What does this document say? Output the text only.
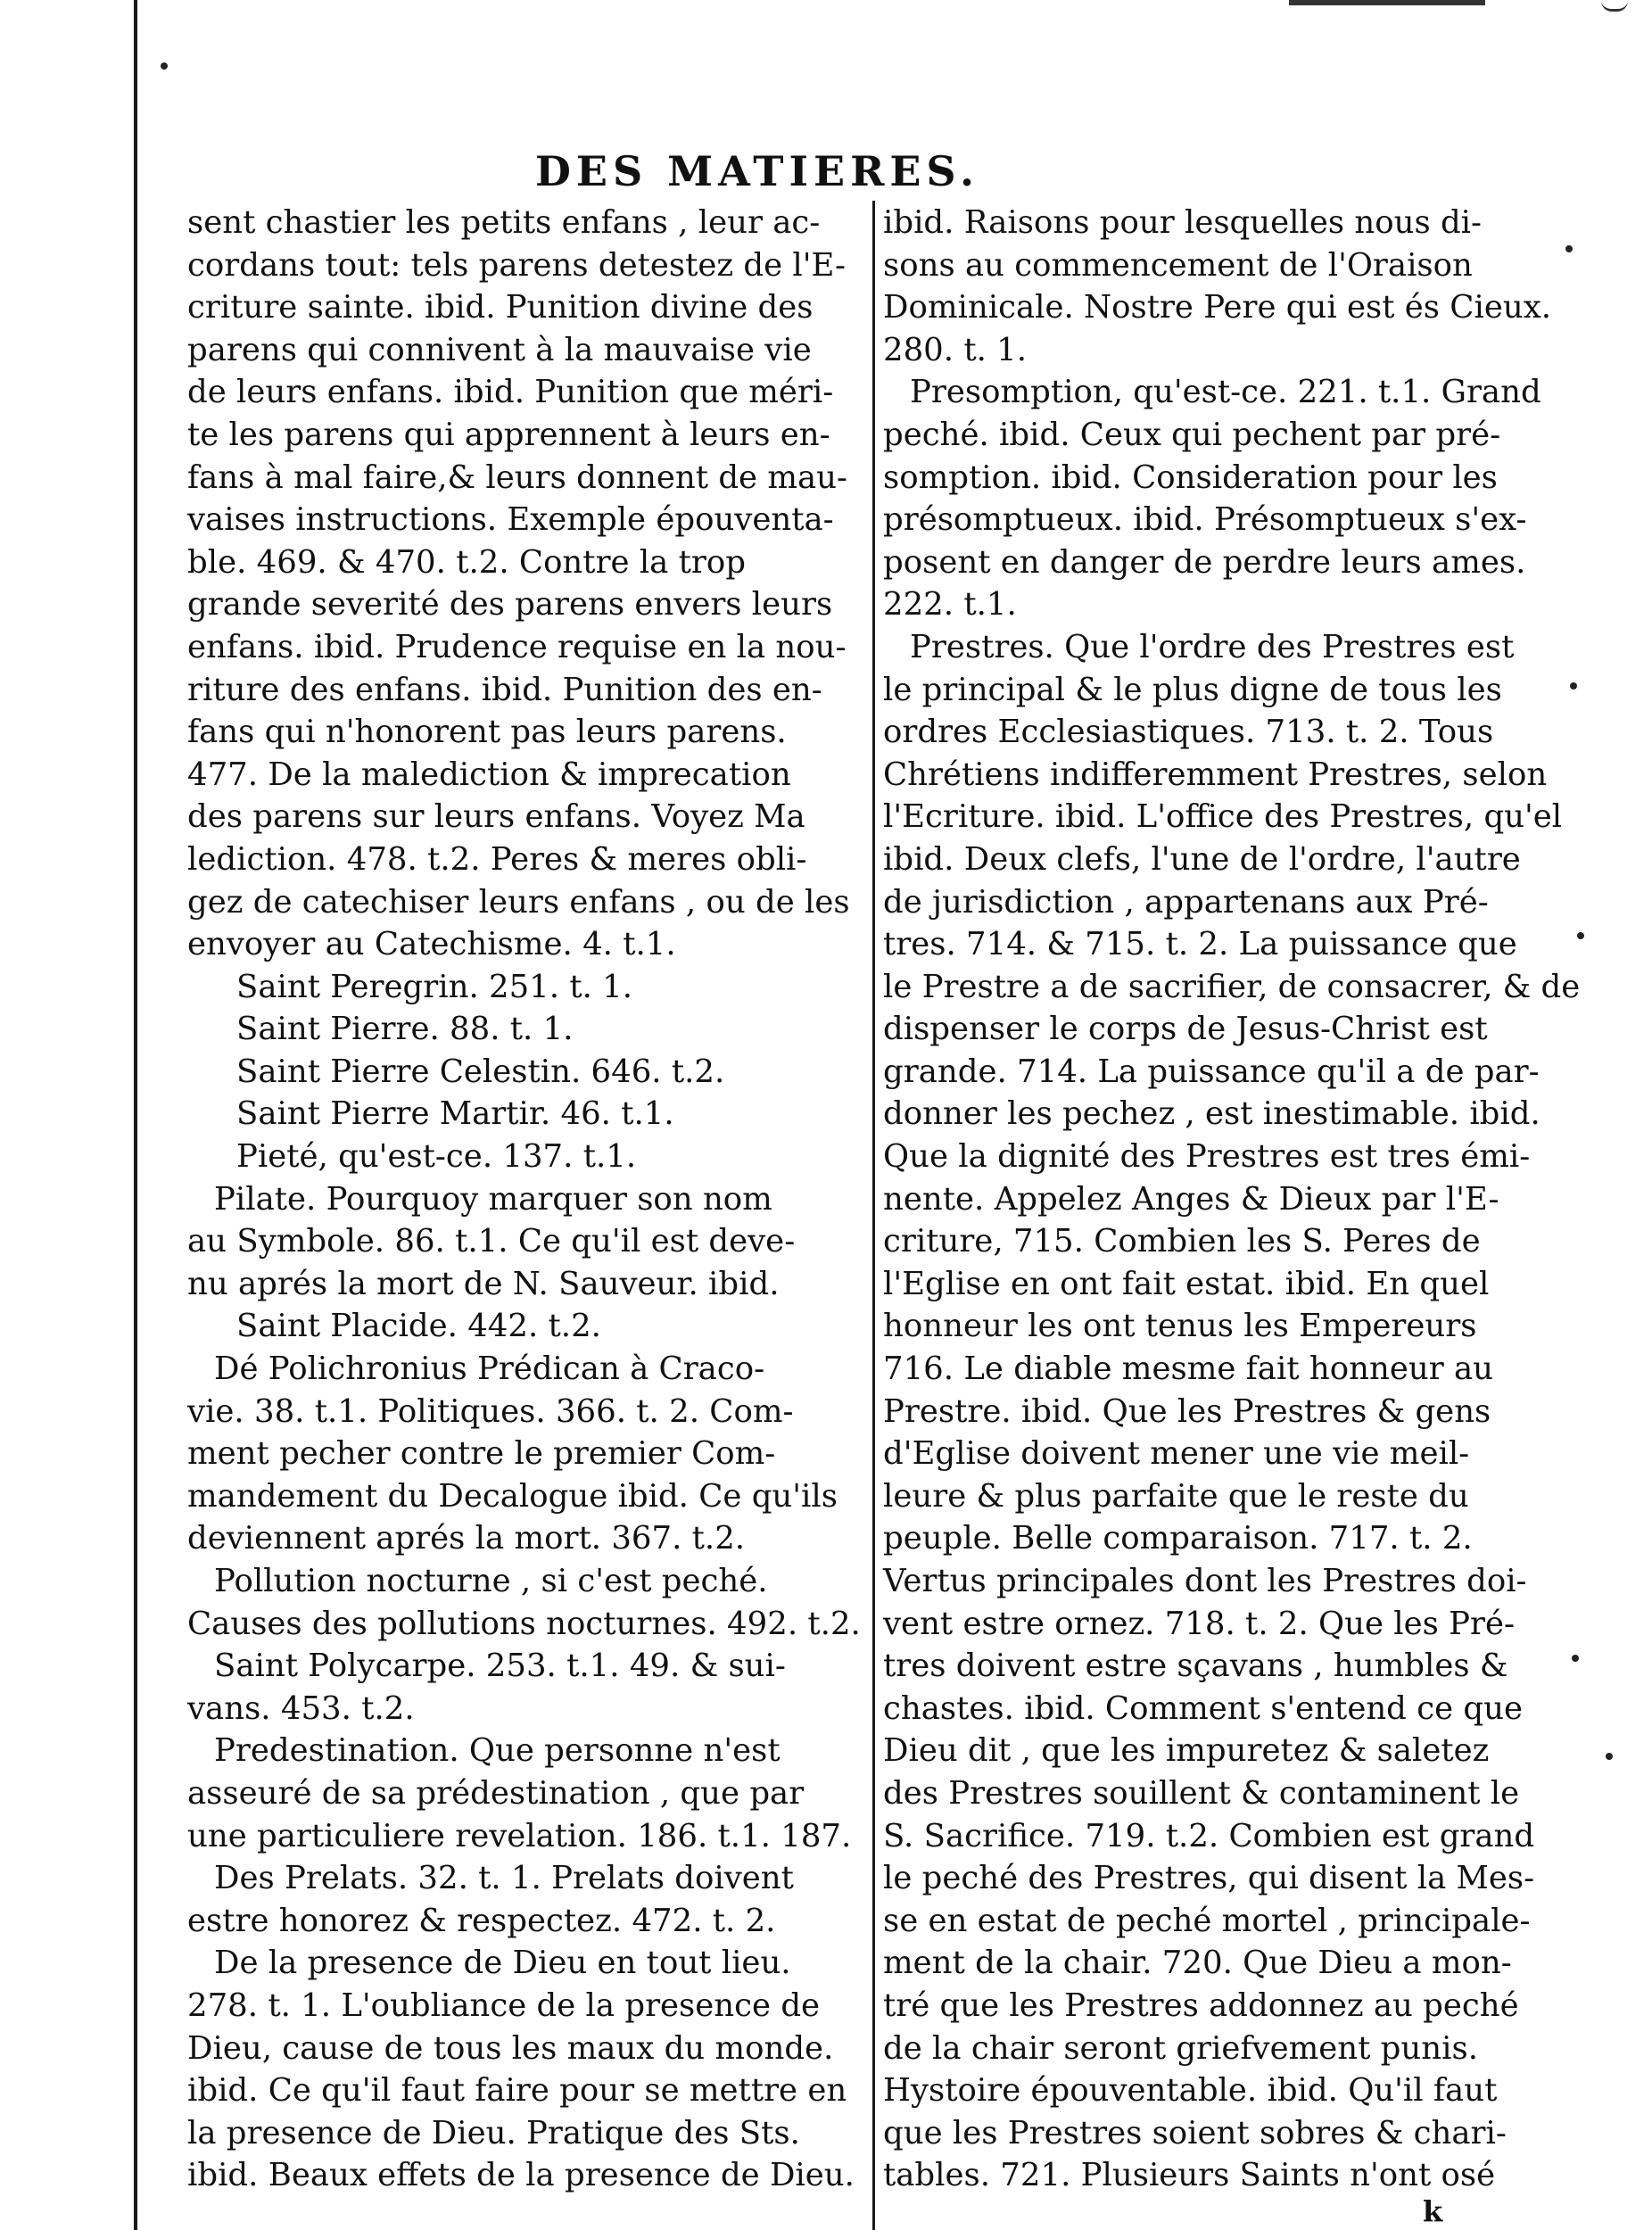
DES MATIERES.
sent chastier les petits enfans , leur ac-
cordans tout: tels parens detestez de l'E-
criture sainte. ibid. Punition divine des
parens qui connivent à la mauvaise vie
de leurs enfans. ibid. Punition que méri-
te les parens qui apprennent à leurs en-
fans à mal faire,& leurs donnent de mau-
vaises instructions. Exemple épouventa-
ble. 469. & 470. t.2. Contre la trop
grande severité des parens envers leurs
enfans. ibid. Prudence requise en la nou-
riture des enfans. ibid. Punition des en-
fans qui n'honorent pas leurs parens.
477. De la malediction & imprecation
des parens sur leurs enfans. Voyez Ma
lediction. 478. t.2. Peres & meres obli-
gez de catechiser leurs enfans , ou de les
envoyer au Catechisme. 4. t.1.
Saint Peregrin. 251. t. 1.
Saint Pierre. 88. t. 1.
Saint Pierre Celestin. 646. t.2.
Saint Pierre Martir. 46. t.1.
Pieté, qu'est-ce. 137. t.1.
Pilate. Pourquoy marquer son nom
au Symbole. 86. t.1. Ce qu'il est deve-
nu aprés la mort de N. Sauveur. ibid.
Saint Placide. 442. t.2.
Dé Polichronius Prédican à Craco-
vie. 38. t.1. Politiques. 366. t. 2. Com-
ment pecher contre le premier Com-
mandement du Decalogue ibid. Ce qu'ils
deviennent aprés la mort. 367. t.2.
Pollution nocturne , si c'est peché.
Causes des pollutions nocturnes. 492. t.2.
Saint Polycarpe. 253. t.1. 49. & sui-
vans. 453. t.2.
Predestination. Que personne n'est
asseuré de sa prédestination , que par
une particuliere revelation. 186. t.1. 187.
Des Prelats. 32. t. 1. Prelats doivent
estre honorez & respectez. 472. t. 2.
De la presence de Dieu en tout lieu.
278. t. 1. L'oubliance de la presence de
Dieu, cause de tous les maux du monde.
ibid. Ce qu'il faut faire pour se mettre en
la presence de Dieu. Pratique des Sts.
ibid. Beaux effets de la presence de Dieu.
ibid. Raisons pour lesquelles nous di-
sons au commencement de l'Oraison
Dominicale. Nostre Pere qui est és Cieux.
280. t. 1.
Presomption, qu'est-ce. 221. t.1. Grand
peché. ibid. Ceux qui pechent par pré-
somption. ibid. Consideration pour les
présomptueux. ibid. Présomptueux s'ex-
posent en danger de perdre leurs ames.
222. t.1.
Prestres. Que l'ordre des Prestres est
le principal & le plus digne de tous les
ordres Ecclesiastiques. 713. t. 2. Tous
Chrétiens indifferemment Prestres, selon
l'Ecriture. ibid. L'office des Prestres, qu'el
ibid. Deux clefs, l'une de l'ordre, l'autre
de jurisdiction , appartenans aux Pré-
tres. 714. & 715. t. 2. La puissance que
le Prestre a de sacrifier, de consacrer, & de
dispenser le corps de Jesus-Christ est
grande. 714. La puissance qu'il a de par-
donner les pechez , est inestimable. ibid.
Que la dignité des Prestres est tres émi-
nente. Appelez Anges & Dieux par l'E-
criture, 715. Combien les S. Peres de
l'Eglise en ont fait estat. ibid. En quel
honneur les ont tenus les Empereurs
716. Le diable mesme fait honneur au
Prestre. ibid. Que les Prestres & gens
d'Eglise doivent mener une vie meil-
leure & plus parfaite que le reste du
peuple. Belle comparaison. 717. t. 2.
Vertus principales dont les Prestres doi-
vent estre ornez. 718. t. 2. Que les Pré-
tres doivent estre sçavans , humbles &
chastes. ibid. Comment s'entend ce que
Dieu dit , que les impuretez & saletez
des Prestres souillent & contaminent le
S. Sacrifice. 719. t.2. Combien est grand
le peché des Prestres, qui disent la Mes-
se en estat de peché mortel , principale-
ment de la chair. 720. Que Dieu a mon-
tré que les Prestres addonnez au peché
de la chair seront griefvement punis.
Hystoire épouventable. ibid. Qu'il faut
que les Prestres soient sobres & chari-
tables. 721. Plusieurs Saints n'ont osé
k
